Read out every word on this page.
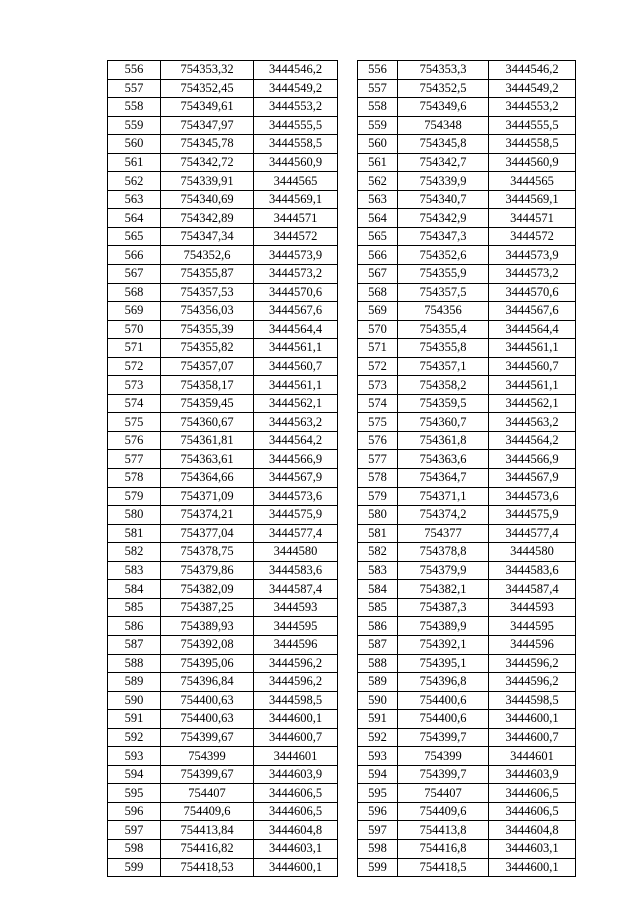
556	754353,32	3444546,2
557	754352,45	3444549,2
558	754349,61	3444553,2
559	754347,97	3444555,5
560	754345,78	3444558,5
561	754342,72	3444560,9
562	754339,91	3444565
563	754340,69	3444569,1
564	754342,89	3444571
565	754347,34	3444572
566	754352,6	3444573,9
567	754355,87	3444573,2
568	754357,53	3444570,6
569	754356,03	3444567,6
570	754355,39	3444564,4
571	754355,82	3444561,1
572	754357,07	3444560,7
573	754358,17	3444561,1
574	754359,45	3444562,1
575	754360,67	3444563,2
576	754361,81	3444564,2
577	754363,61	3444566,9
578	754364,66	3444567,9
579	754371,09	3444573,6
580	754374,21	3444575,9
581	754377,04	3444577,4
582	754378,75	3444580
583	754379,86	3444583,6
584	754382,09	3444587,4
585	754387,25	3444593
586	754389,93	3444595
587	754392,08	3444596
588	754395,06	3444596,2
589	754396,84	3444596,2
590	754400,63	3444598,5
591	754400,63	3444600,1
592	754399,67	3444600,7
593	754399	3444601
594	754399,67	3444603,9
595	754407	3444606,5
596	754409,6	3444606,5
597	754413,84	3444604,8
598	754416,82	3444603,1
599	754418,53	3444600,1
556	754353,3	3444546,2
557	754352,5	3444549,2
558	754349,6	3444553,2
559	754348	3444555,5
560	754345,8	3444558,5
561	754342,7	3444560,9
562	754339,9	3444565
563	754340,7	3444569,1
564	754342,9	3444571
565	754347,3	3444572
566	754352,6	3444573,9
567	754355,9	3444573,2
568	754357,5	3444570,6
569	754356	3444567,6
570	754355,4	3444564,4
571	754355,8	3444561,1
572	754357,1	3444560,7
573	754358,2	3444561,1
574	754359,5	3444562,1
575	754360,7	3444563,2
576	754361,8	3444564,2
577	754363,6	3444566,9
578	754364,7	3444567,9
579	754371,1	3444573,6
580	754374,2	3444575,9
581	754377	3444577,4
582	754378,8	3444580
583	754379,9	3444583,6
584	754382,1	3444587,4
585	754387,3	3444593
586	754389,9	3444595
587	754392,1	3444596
588	754395,1	3444596,2
589	754396,8	3444596,2
590	754400,6	3444598,5
591	754400,6	3444600,1
592	754399,7	3444600,7
593	754399	3444601
594	754399,7	3444603,9
595	754407	3444606,5
596	754409,6	3444606,5
597	754413,8	3444604,8
598	754416,8	3444603,1
599	754418,5	3444600,1
